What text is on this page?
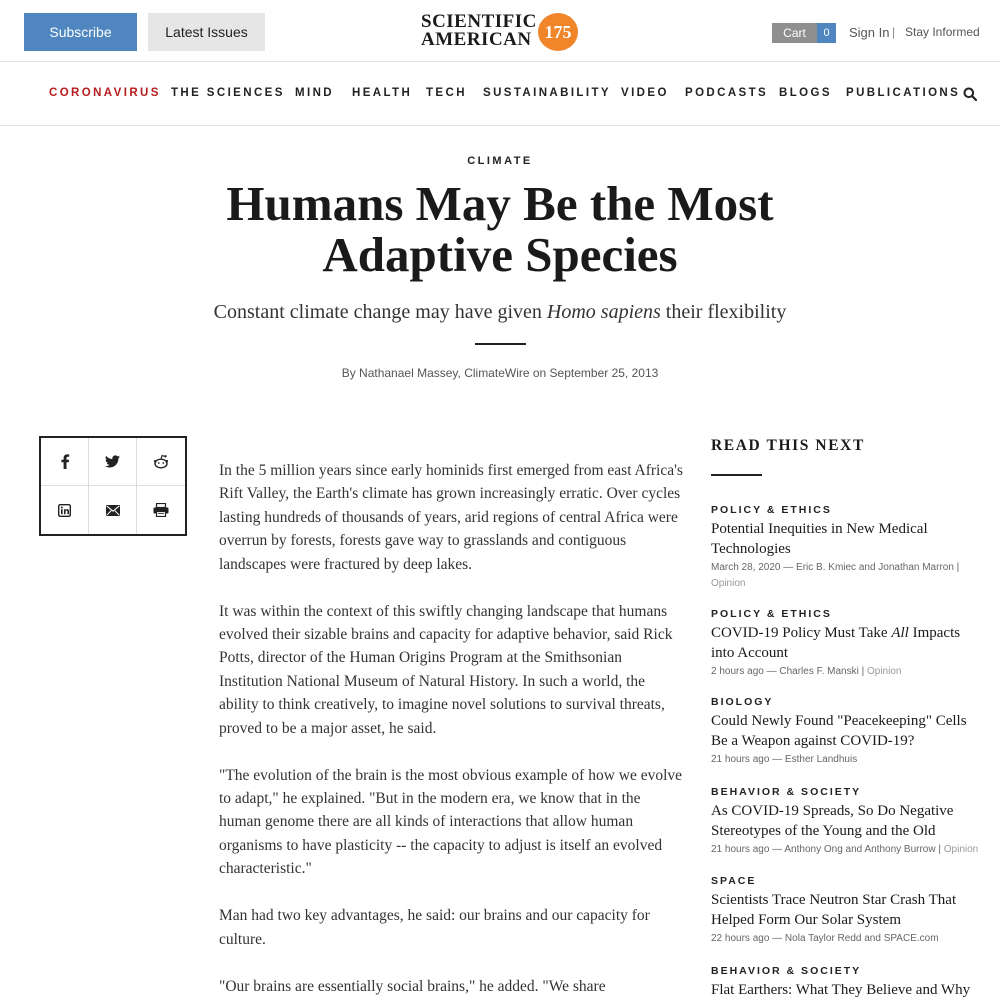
Subscribe	Latest Issues	SCIENTIFIC
AMERICAN 175	Cart	0	Sign In | Stay Informed
CORONAVIRUS THE SCIENCES MIND HEALTH TECH SUSTAINABILITY VIDEO PODCASTS BLOGS PUBLICATIONS
CLIMATE
Humans May Be the Most
Adaptive Species
Constant climate change may have given Homo sapiens their flexibility
By Nathanael Massey, ClimateWire on September 25, 2013

In the 5 million years since early hominids first emerged from east Africa's Rift Valley, the Earth's climate has grown increasingly erratic. Over cycles lasting hundreds of thousands of years, arid regions of central Africa were overrun by forests, forests gave way to grasslands and contiguous landscapes were fractured by deep lakes.

It was within the context of this swiftly changing landscape that humans evolved their sizable brains and capacity for adaptive behavior, said Rick Potts, director of the Human Origins Program at the Smithsonian Institution National Museum of Natural History. In such a world, the ability to think creatively, to imagine novel solutions to survival threats, proved to be a major asset, he said.

"The evolution of the brain is the most obvious example of how we evolve to adapt," he explained. "But in the modern era, we know that in the human genome there are all kinds of interactions that allow human organisms to have plasticity -- the capacity to adjust is itself an evolved characteristic."

Man had two key advantages, he said: our brains and our capacity for culture.

"Our brains are essentially social brains," he added. "We share

READ THIS NEXT
POLICY & ETHICS
Potential Inequities in New Medical Technologies
March 28, 2020 — Eric B. Kmiec and Jonathan Marron | Opinion
POLICY & ETHICS
COVID-19 Policy Must Take All Impacts into Account
2 hours ago — Charles F. Manski | Opinion
BIOLOGY
Could Newly Found "Peacekeeping" Cells Be a Weapon against COVID-19?
21 hours ago — Esther Landhuis
BEHAVIOR & SOCIETY
As COVID-19 Spreads, So Do Negative Stereotypes of the Young and the Old
21 hours ago — Anthony Ong and Anthony Burrow | Opinion
SPACE
Scientists Trace Neutron Star Crash That Helped Form Our Solar System
22 hours ago — Nola Taylor Redd and SPACE.com
BEHAVIOR & SOCIETY
Flat Earthers: What They Believe and Why
